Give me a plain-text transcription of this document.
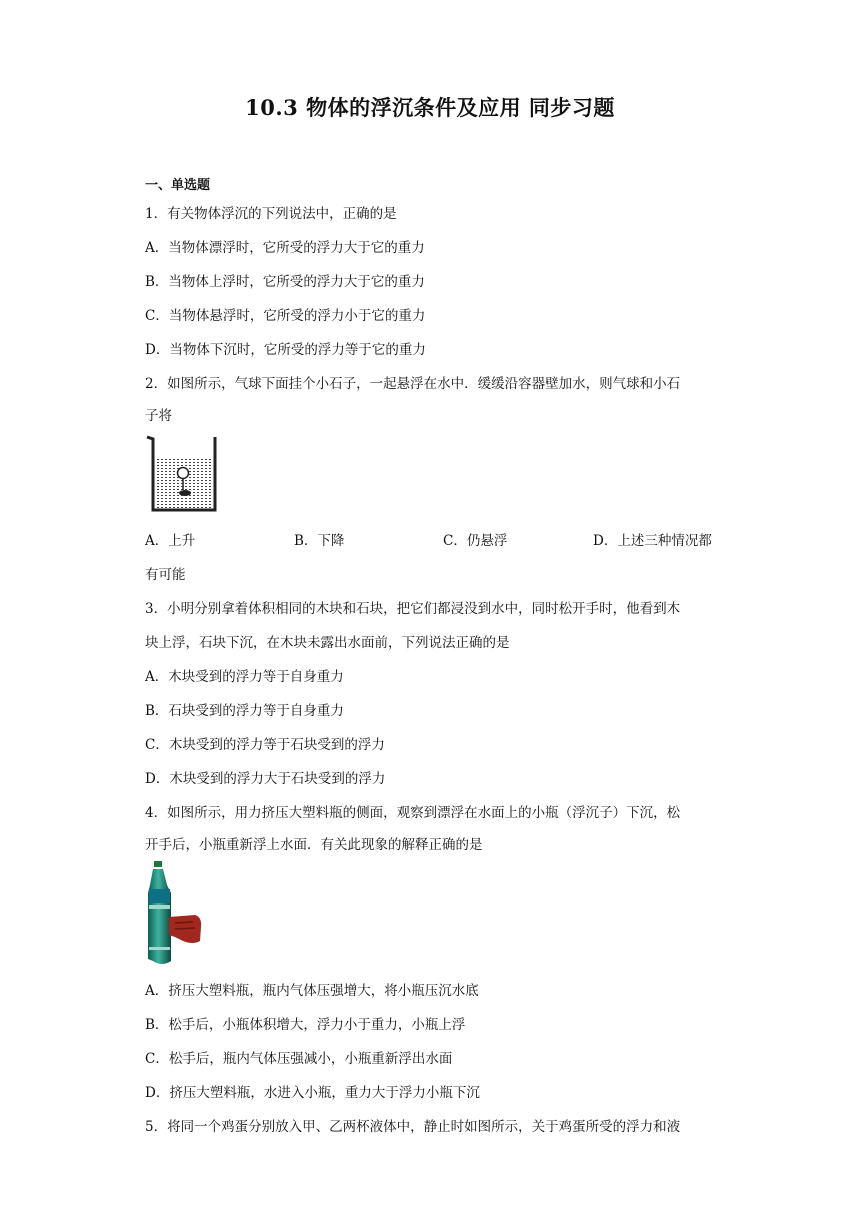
10.3 物体的浮沉条件及应用 同步习题
一、单选题
1．有关物体浮沉的下列说法中，正确的是
A．当物体漂浮时，它所受的浮力大于它的重力
B．当物体上浮时，它所受的浮力大于它的重力
C．当物体悬浮时，它所受的浮力小于它的重力
D．当物体下沉时，它所受的浮力等于它的重力
2．如图所示，气球下面挂个小石子，一起悬浮在水中．缓缓沿容器壁加水，则气球和小石
子将
A．上升	B．下降	C．仍悬浮	D．上述三种情况都
有可能
3．小明分别拿着体积相同的木块和石块，把它们都浸没到水中，同时松开手时，他看到木
块上浮，石块下沉，在木块未露出水面前，下列说法正确的是
A．木块受到的浮力等于自身重力
B．石块受到的浮力等于自身重力
C．木块受到的浮力等于石块受到的浮力
D．木块受到的浮力大于石块受到的浮力
4．如图所示，用力挤压大塑料瓶的侧面，观察到漂浮在水面上的小瓶（浮沉子）下沉，松
开手后，小瓶重新浮上水面．有关此现象的解释正确的是
A．挤压大塑料瓶，瓶内气体压强增大，将小瓶压沉水底
B．松手后，小瓶体积增大，浮力小于重力，小瓶上浮
C．松手后，瓶内气体压强减小，小瓶重新浮出水面
D．挤压大塑料瓶，水进入小瓶，重力大于浮力小瓶下沉
5．将同一个鸡蛋分别放入甲、乙两杯液体中，静止时如图所示，关于鸡蛋所受的浮力和液
